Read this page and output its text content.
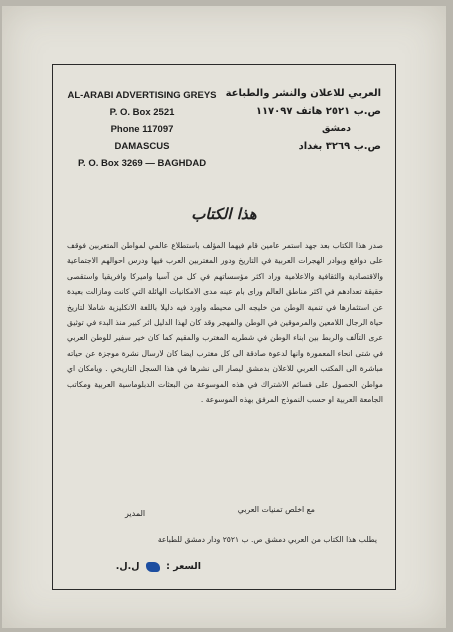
AL-ARABI ADVERTISING GREYS
P. O. Box 2521
Phone 117097
DAMASCUS
P. O. Box 3269 — BAGHDAD
العربي للاعلان والنشر والطباعة
ص.ب ٢٥٢١ هاتف ١١٧٠٩٧
دمشق
ص.ب ٣٢٦٩ بغداد
هذا الكتاب
صدر هذا الكتاب بعد جهد استمر عامين قام فيهما المؤلف باستطلاع عالمي لمواطن المتغربين فوقف على دوافع وبوادر الهجرات العربية في التاريخ ودور المغتربين العرب فيها ودرس احوالهم الاجتماعية والاقتصادية والثقافية والاعلامية وراد اكثر مؤسساتهم في كل من آسيا واميركا وافريقيا واستقصى حقيقة تعدادهم في اكثر مناطق العالم وراى بام عينه مدى الامكانيات الهائلة التي كانت ومازالت بعيدة عن استثمارها في تنمية الوطن من خليجه الى محيطه واورد فيه دليلا باللغة الانكليزية شاملا لتاريخ حياة الرجال اللامعين والمرموقين في الوطن والمهجر وقد كان لهذا الدليل اثر كبير منذ البدء في توثيق عرى التآلف والربط بين ابناء الوطن في شطريه المغترب والمقيم كما كان خير سفير للوطن العربي في شتى انحاء المعمورة وانها لدعوة صادقة الى كل مغترب ايضا كان لارسال نشرة موجزة عن حياته مباشرة الى المكتب العربي للاعلان بدمشق ليصار الى نشرها في هذا السجل التاريخي . ويامكان اي مواطن الحصول على قسائم الاشتراك في هذه الموسوعة من البعثات الدبلوماسية العربية ومكاتب الجامعة العربية او حسب النموذج المرفق بهذه الموسوعة .
مع اخلص تمنيات العربي
المدير
يطلب هذا الكتاب من العربي دمشق ص. ب ٢٥٢١ ودار دمشق للطباعة
السعر :  ل.ل.
